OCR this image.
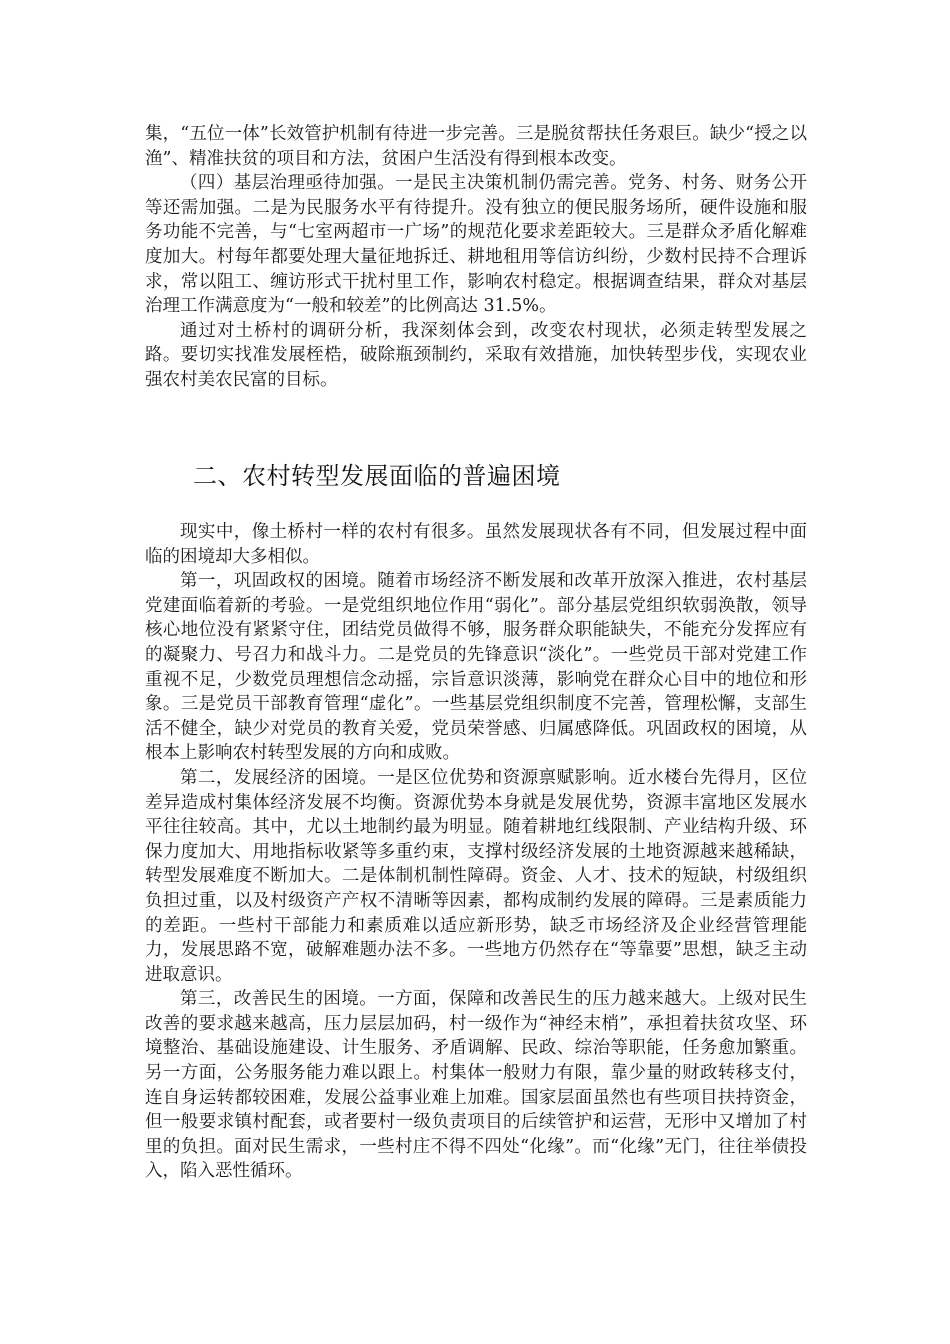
集，“五位一体”长效管护机制有待进一步完善。三是脱贫帮扶任务艰巨。缺少“授之以渔”、精准扶贫的项目和方法，贫困户生活没有得到根本改变。

（四）基层治理亟待加强。一是民主决策机制仍需完善。党务、村务、财务公开等还需加强。二是为民服务水平有待提升。没有独立的便民服务场所，硬件设施和服务功能不完善，与“七室两超市一广场”的规范化要求差距较大。三是群众矛盾化解难度加大。村每年都要处理大量征地拆迁、耕地租用等信访纠纷，少数村民持不合理诉求，常以阻工、缠访形式干扰村里工作，影响农村稳定。根据调查结果，群众对基层治理工作满意度为“一般和较差”的比例高达 31.5%。

通过对土桥村的调研分析，我深刻体会到，改变农村现状，必须走转型发展之路。要切实找准发展桎梏，破除瓶颈制约，采取有效措施，加快转型步伐，实现农业强农村美农民富的目标。

二、农村转型发展面临的普遍困境

现实中，像土桥村一样的农村有很多。虽然发展现状各有不同，但发展过程中面临的困境却大多相似。

第一，巩固政权的困境。随着市场经济不断发展和改革开放深入推进，农村基层党建面临着新的考验。一是党组织地位作用“弱化”。部分基层党组织软弱涣散，领导核心地位没有紧紧守住，团结党员做得不够，服务群众职能缺失，不能充分发挥应有的凝聚力、号召力和战斗力。二是党员的先锋意识“淡化”。一些党员干部对党建工作重视不足，少数党员理想信念动摇，宗旨意识淡薄，影响党在群众心目中的地位和形象。三是党员干部教育管理“虚化”。一些基层党组织制度不完善，管理松懈，支部生活不健全，缺少对党员的教育关爱，党员荣誉感、归属感降低。巩固政权的困境，从根本上影响农村转型发展的方向和成败。

第二，发展经济的困境。一是区位优势和资源禀赋影响。近水楼台先得月，区位差异造成村集体经济发展不均衡。资源优势本身就是发展优势，资源丰富地区发展水平往往较高。其中，尤以土地制约最为明显。随着耕地红线限制、产业结构升级、环保力度加大、用地指标收紧等多重约束，支撑村级经济发展的土地资源越来越稀缺，转型发展难度不断加大。二是体制机制性障碍。资金、人才、技术的短缺，村级组织负担过重，以及村级资产产权不清晰等因素，都构成制约发展的障碍。三是素质能力的差距。一些村干部能力和素质难以适应新形势，缺乏市场经济及企业经营管理能力，发展思路不宽，破解难题办法不多。一些地方仍然存在“等靠要”思想，缺乏主动进取意识。

第三，改善民生的困境。一方面，保障和改善民生的压力越来越大。上级对民生改善的要求越来越高，压力层层加码，村一级作为“神经末梢”，承担着扶贫攻坚、环境整治、基础设施建设、计生服务、矛盾调解、民政、综治等职能，任务愈加繁重。另一方面，公务服务能力难以跟上。村集体一般财力有限，靠少量的财政转移支付，连自身运转都较困难，发展公益事业难上加难。国家层面虽然也有些项目扶持资金，但一般要求镇村配套，或者要村一级负责项目的后续管护和运营，无形中又增加了村里的负担。面对民生需求，一些村庄不得不四处“化缘”。而“化缘”无门，往往举债投入，陷入恶性循环。
